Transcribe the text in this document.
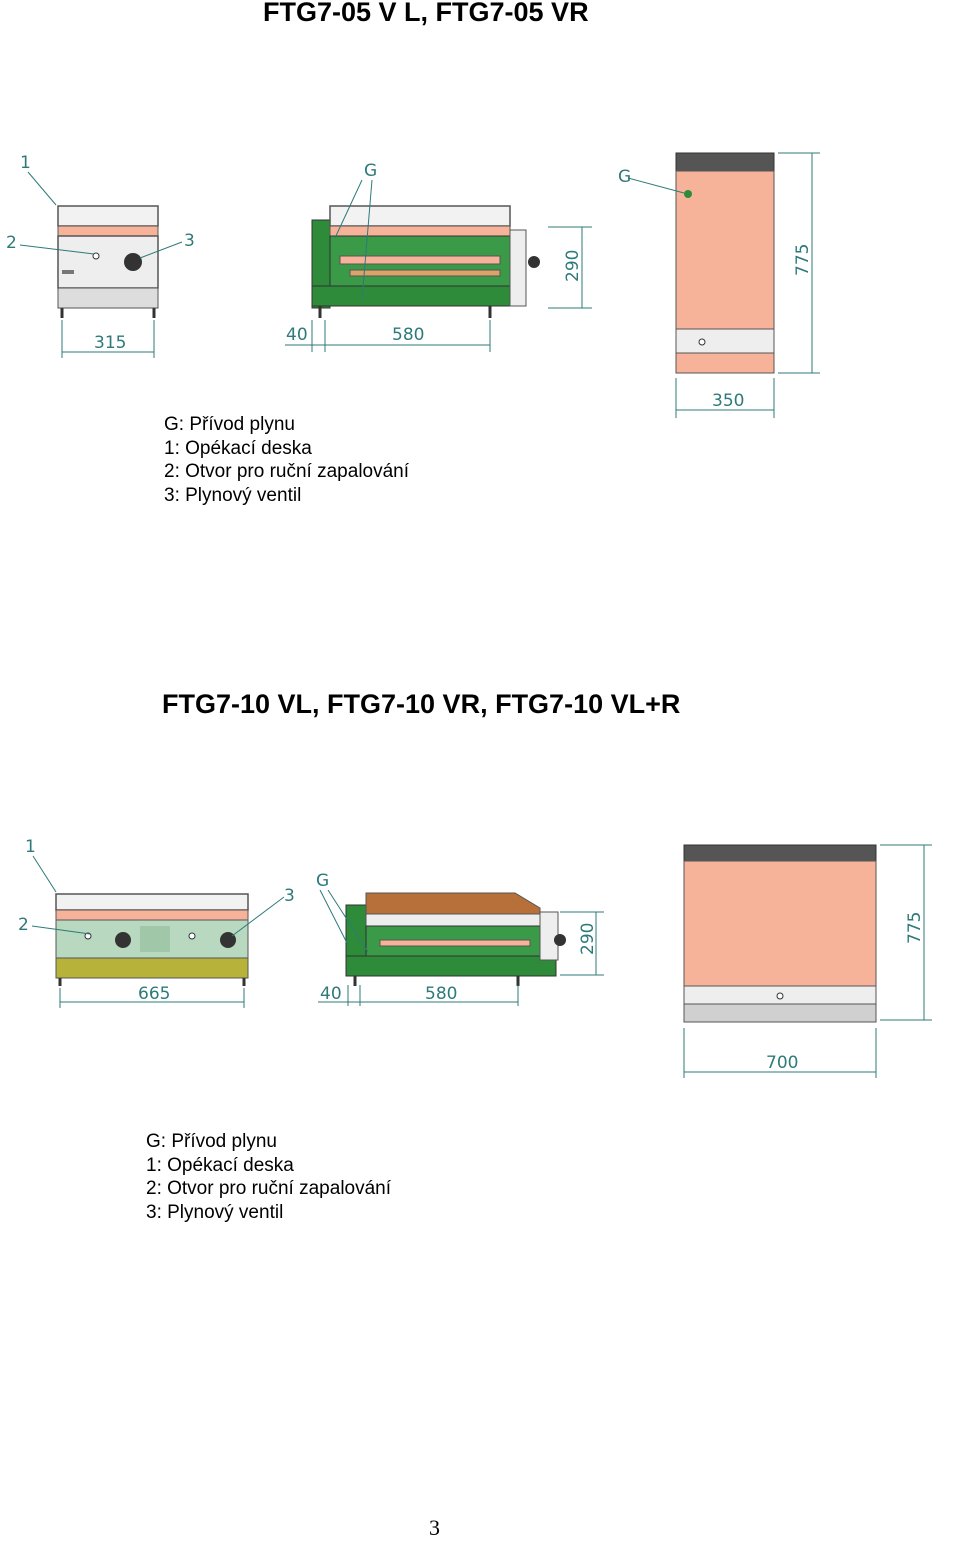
FTG7-05 V L, FTG7-05 VR
315
1
2	3
290
40	580
G
775
350
G
G: Přívod plynu
1: Opékací deska
2: Otvor pro ruční zapalování
3: Plynový ventil
FTG7-10 VL, FTG7-10 VR, FTG7-10 VL+R
665
1
2
3
290
40	580
G
775
700
G: Přívod plynu
1: Opékací deska
2: Otvor pro ruční zapalování
3: Plynový ventil
3
